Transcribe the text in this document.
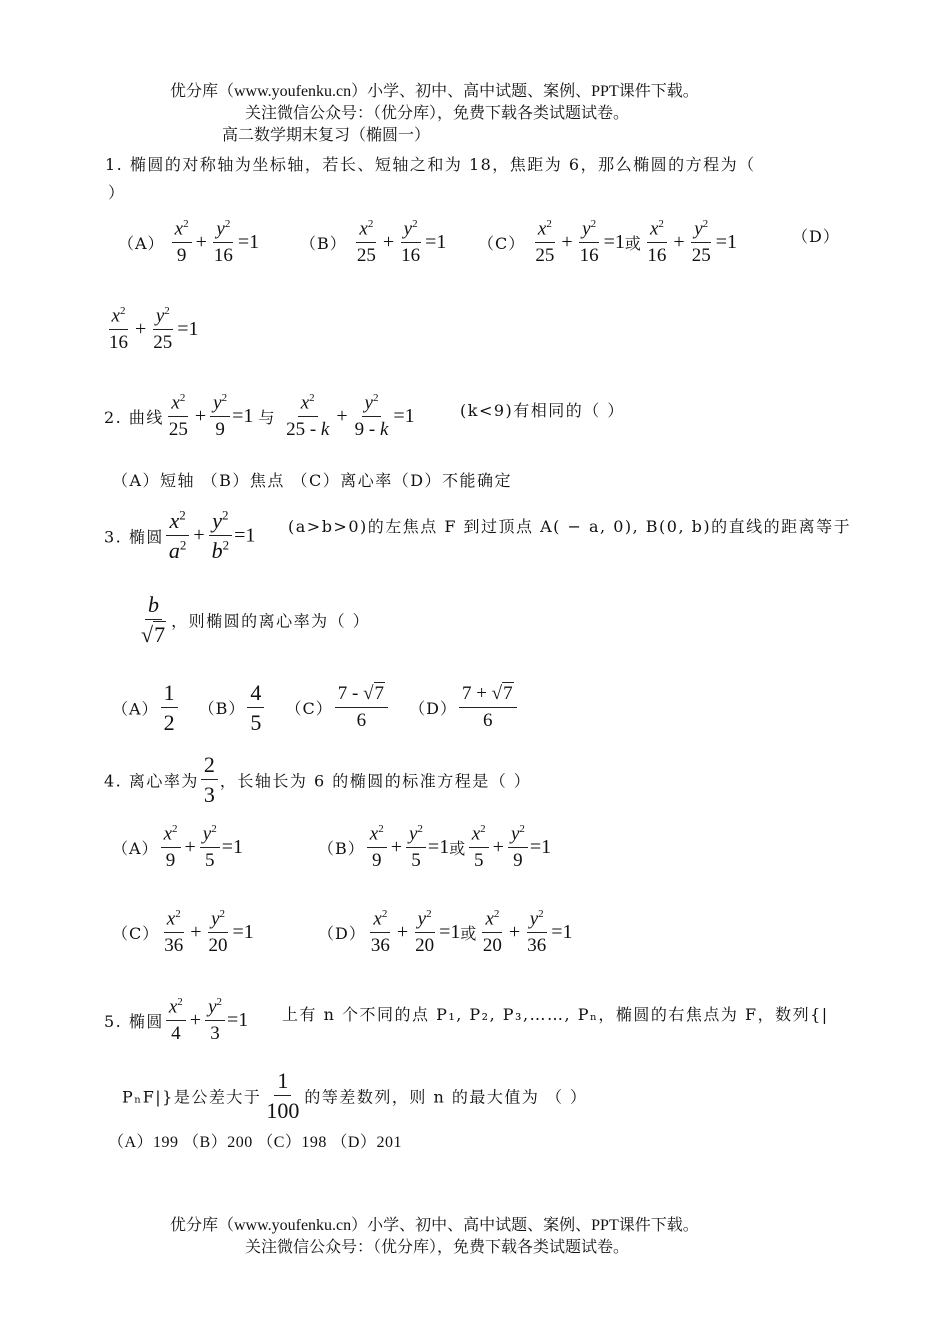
优分库（www.youfenku.cn）小学、初中、高中试题、案例、PPT课件下载。
关注微信公众号：（优分库），免费下载各类试题试卷。
高二数学期末复习（椭圆一）
1. 椭圆的对称轴为坐标轴，若长、短轴之和为 18，焦距为 6，那么椭圆的方程为（
）
$(A) \frac{x^2}{9} + \frac{y^2}{16} =1$	$(B) \frac{x^2}{25} + \frac{y^2}{16} =1$ $(C) \frac{x^2}{25} + \frac{y^2}{16} =1$或 $\frac{x^2}{16} + \frac{y^2}{25} =1$	（D）
$\frac{x^2}{16} + \frac{y^2}{25} =1$
2. 曲线 $\frac{x^2}{25} + \frac{y^2}{9} =1$ 与 $\frac{x^2}{25 - k} + \frac{y^2}{9 - k} =1$	(k<9)有相同的（ ）
（A）短轴 （B）焦点 （C）离心率（D）不能确定
3. 椭圆 $\frac{x^2}{a^2} + \frac{y^2}{b^2} =1$ (a>b>0)的左焦点 F 到过顶点 A( − a, 0), B(0, b)的直线的距离等于
$\frac{b}{√7}$ ，则椭圆的离心率为（ ）
$(A) \frac{1}{2} (B) \frac{4}{5} (C) \frac{7 - √7}{6} (D) \frac{7 + √7}{6}$
4. 离心率为 $\frac{2}{3}$ ，长轴长为 6 的椭圆的标准方程是（ ）
$(A) \frac{x^2}{9} + \frac{y^2}{5} =1$	$(B) \frac{x^2}{9} + \frac{y^2}{5} =1$或 $\frac{x^2}{5} + \frac{y^2}{9} =1$
$(C) \frac{x^2}{36} + \frac{y^2}{20} =1$	$(D) \frac{x^2}{36} + \frac{y^2}{20} =1$或 $\frac{x^2}{20} + \frac{y^2}{36} =1$
5. 椭圆 $\frac{x^2}{4} + \frac{y^2}{3} =1$ 上有 n 个不同的点 P₁, P₂, P₃,……, Pₙ，椭圆的右焦点为 F，数列{|
PₙF|}是公差大于 $\frac{1}{100}$ 的等差数列，则 n 的最大值为 （ ）
（A）199 （B）200 （C）198 （D）201
优分库（www.youfenku.cn）小学、初中、高中试题、案例、PPT课件下载。
关注微信公众号：（优分库），免费下载各类试题试卷。
